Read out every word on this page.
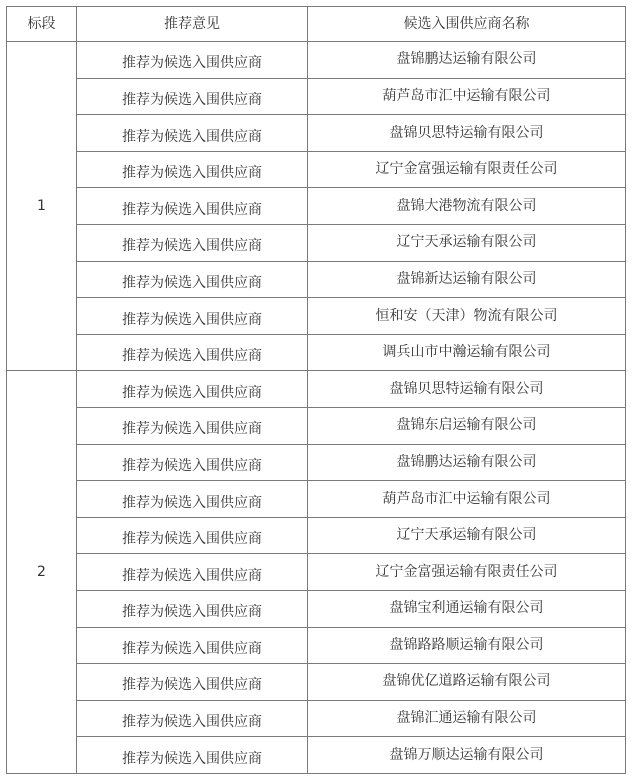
标段	推荐意见	候选入围供应商名称
1	推荐为候选入围供应商	盘锦鹏达运输有限公司
	推荐为候选入围供应商	葫芦岛市汇中运输有限公司
	推荐为候选入围供应商	盘锦贝思特运输有限公司
	推荐为候选入围供应商	辽宁金富强运输有限责任公司
	推荐为候选入围供应商	盘锦大港物流有限公司
	推荐为候选入围供应商	辽宁天承运输有限公司
	推荐为候选入围供应商	盘锦新达运输有限公司
	推荐为候选入围供应商	恒和安（天津）物流有限公司
	推荐为候选入围供应商	调兵山市中瀚运输有限公司
2	推荐为候选入围供应商	盘锦贝思特运输有限公司
	推荐为候选入围供应商	盘锦东启运输有限公司
	推荐为候选入围供应商	盘锦鹏达运输有限公司
	推荐为候选入围供应商	葫芦岛市汇中运输有限公司
	推荐为候选入围供应商	辽宁天承运输有限公司
	推荐为候选入围供应商	辽宁金富强运输有限责任公司
	推荐为候选入围供应商	盘锦宝利通运输有限公司
	推荐为候选入围供应商	盘锦路路顺运输有限公司
	推荐为候选入围供应商	盘锦优亿道路运输有限公司
	推荐为候选入围供应商	盘锦汇通运输有限公司
	推荐为候选入围供应商	盘锦万顺达运输有限公司
